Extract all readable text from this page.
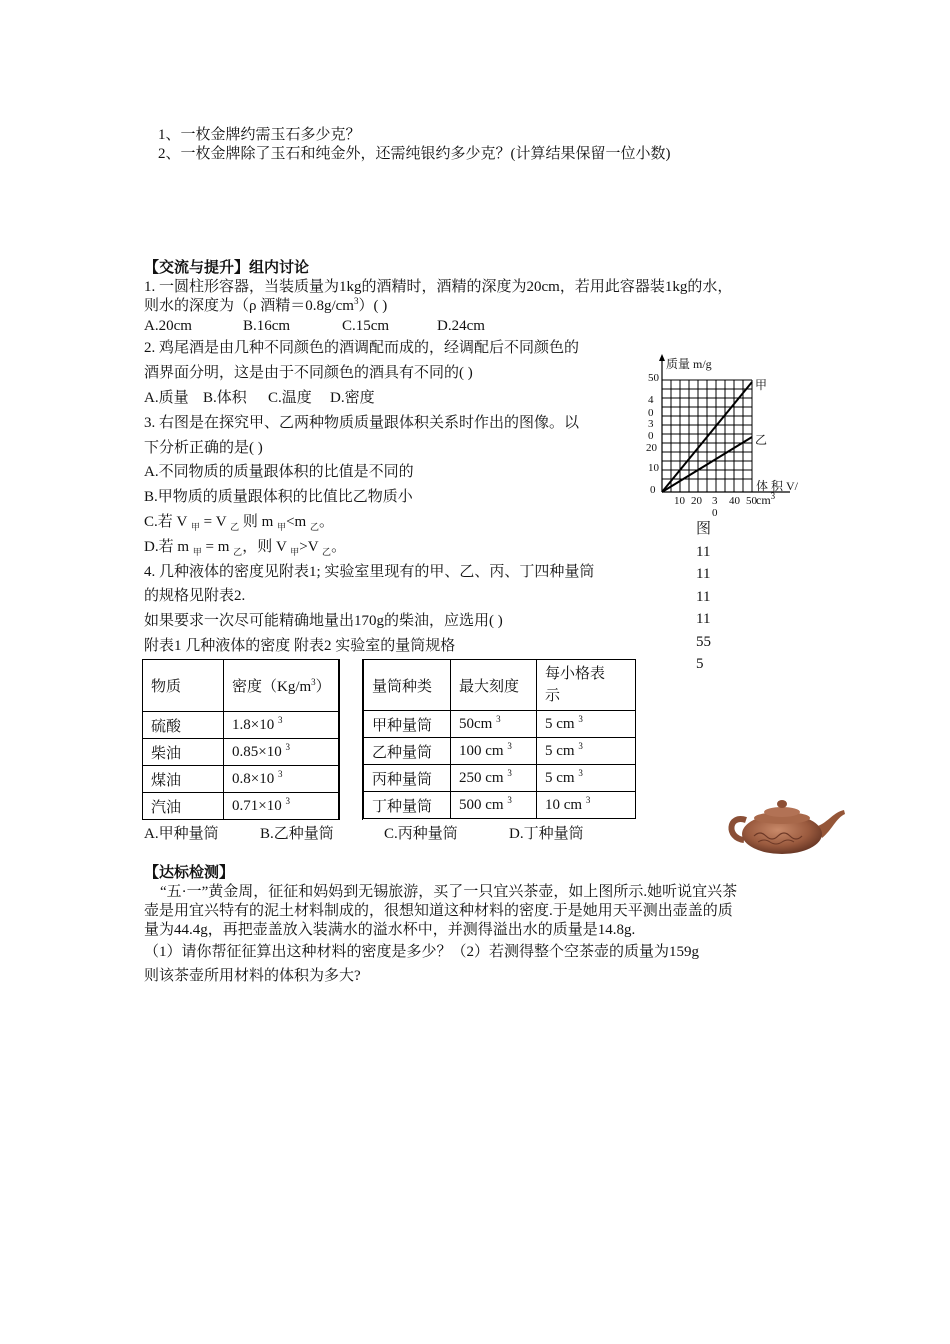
1、一枚金牌约需玉石多少克？
2、一枚金牌除了玉石和纯金外，还需纯银约多少克？(计算结果保留一位小数)
【交流与提升】组内讨论
1. 一圆柱形容器，当装质量为1kg的酒精时，酒精的深度为20cm，若用此容器装1kg的水，
则水的深度为（ρ 酒精$=0.8g/cm^3$）( )
A.20cm	B.16cm	C.15cm	D.24cm
2. 鸡尾酒是由几种不同颜色的酒调配而成的，经调配后不同颜色的
酒界面分明，这是由于不同颜色的酒具有不同的( )
A.质量 B.体积 C.温度 D.密度
3. 右图是在探究甲、乙两种物质质量跟体积关系时作出的图像。以
下分析正确的是( )
A.不同物质的质量跟体积的比值是不同的
B.甲物质的质量跟体积的比值比乙物质小
C.若 V $_甲$ = V $_乙$ 则 m $_甲$<m $_乙$。
D.若 m $_甲$ = m $_乙$，则 V $_甲$>V $_乙$。
4. 几种液体的密度见附表1; 实验室里现有的甲、乙、丙、丁四种量筒
的规格见附表2.
如果要求一次尽可能精确地量出170g的柴油，应选用( )
附表1 几种液体的密度 附表2 实验室的量筒规格
物质	密度$(Kg/m^3)$
硫酸	1.8×10 $^3$
柴油	0.85×10 $^3$
煤油	0.8×10 $^3$
汽油	0.71×10 $^3$
量筒种类	最大刻度	每小格表
示
甲种量筒	50cm $^3$	5 cm $^3$
乙种量筒	100 cm $^3$	5 cm $^3$
丙种量筒	250 cm $^3$	5 cm $^3$
丁种量筒	500 cm $^3$	10 cm $^3$
A.甲种量筒	B.乙种量筒	C.丙种量筒	D.丁种量筒
质量 m/g
50
4
0
3
0
20
10
0
10 20 3
0
40 50
体 积 V/
$cm^3$
甲
乙
图
11
11
11
11
55
5
【达标检测】
“五·一”黄金周，征征和妈妈到无锡旅游，买了一只宜兴茶壶，如上图所示.她听说宜兴茶
壶是用宜兴特有的泥土材料制成的，很想知道这种材料的密度.于是她用天平测出壶盖的质
量为44.4g，再把壶盖放入装满水的溢水杯中，并测得溢出水的质量是14.8g.
（1）请你帮征征算出这种材料的密度是多少？（2）若测得整个空茶壶的质量为159g
则该茶壶所用材料的体积为多大?
